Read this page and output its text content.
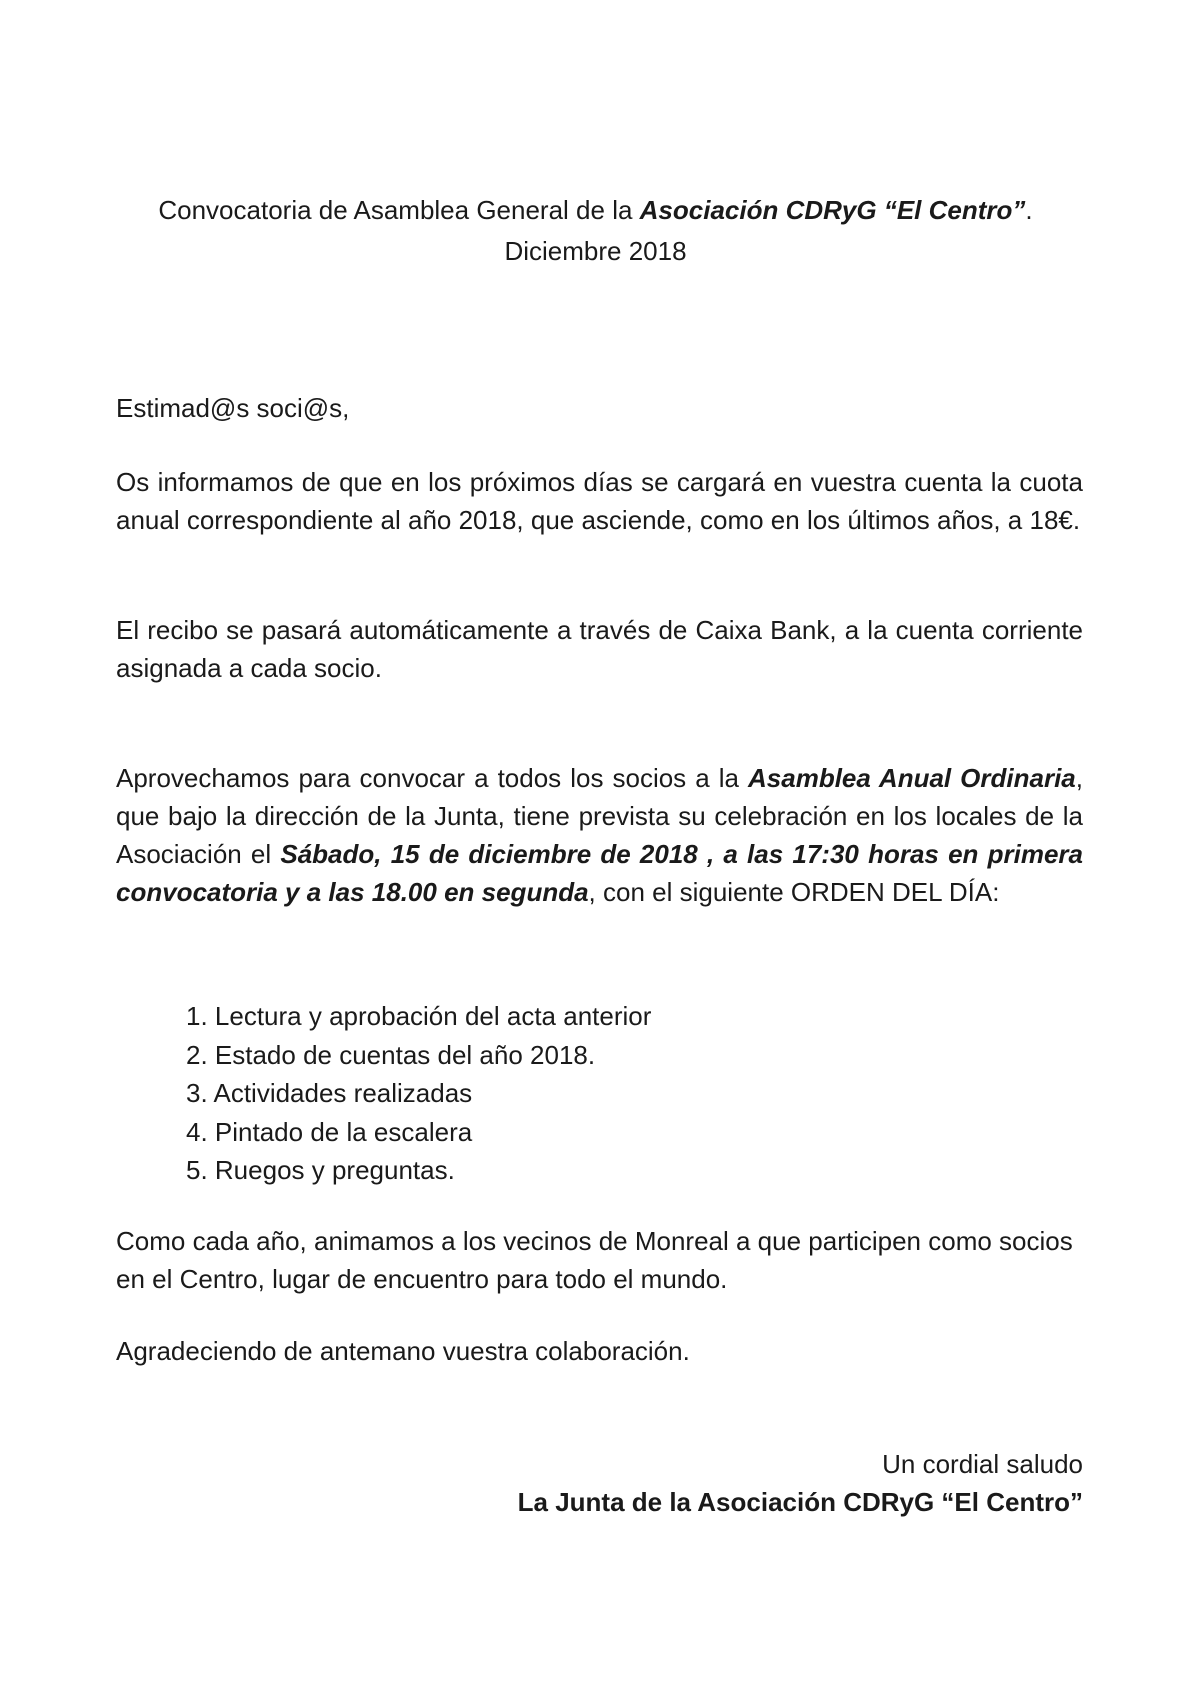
Convocatoria de Asamblea General de la Asociación CDRyG “El Centro”.
Diciembre 2018

Estimad@s soci@s,

Os informamos de que en los próximos días se cargará en vuestra cuenta la cuota anual correspondiente al año 2018, que asciende, como en los últimos años, a 18€.

El recibo se pasará automáticamente a través de Caixa Bank, a la cuenta corriente asignada a cada socio.

Aprovechamos para convocar a todos los socios a la Asamblea Anual Ordinaria, que bajo la dirección de la Junta, tiene prevista su celebración en los locales de la Asociación el Sábado, 15 de diciembre de 2018 , a las 17:30 horas en primera convocatoria y a las 18.00 en segunda, con el siguiente ORDEN DEL DÍA:

1. Lectura y aprobación del acta anterior
2. Estado de cuentas del año 2018.
3. Actividades realizadas
4. Pintado de la escalera
5. Ruegos y preguntas.

Como cada año, animamos a los vecinos de Monreal a que participen como socios en el Centro, lugar de encuentro para todo el mundo.

Agradeciendo de antemano vuestra colaboración.

Un cordial saludo
La Junta de la Asociación CDRyG “El Centro”
